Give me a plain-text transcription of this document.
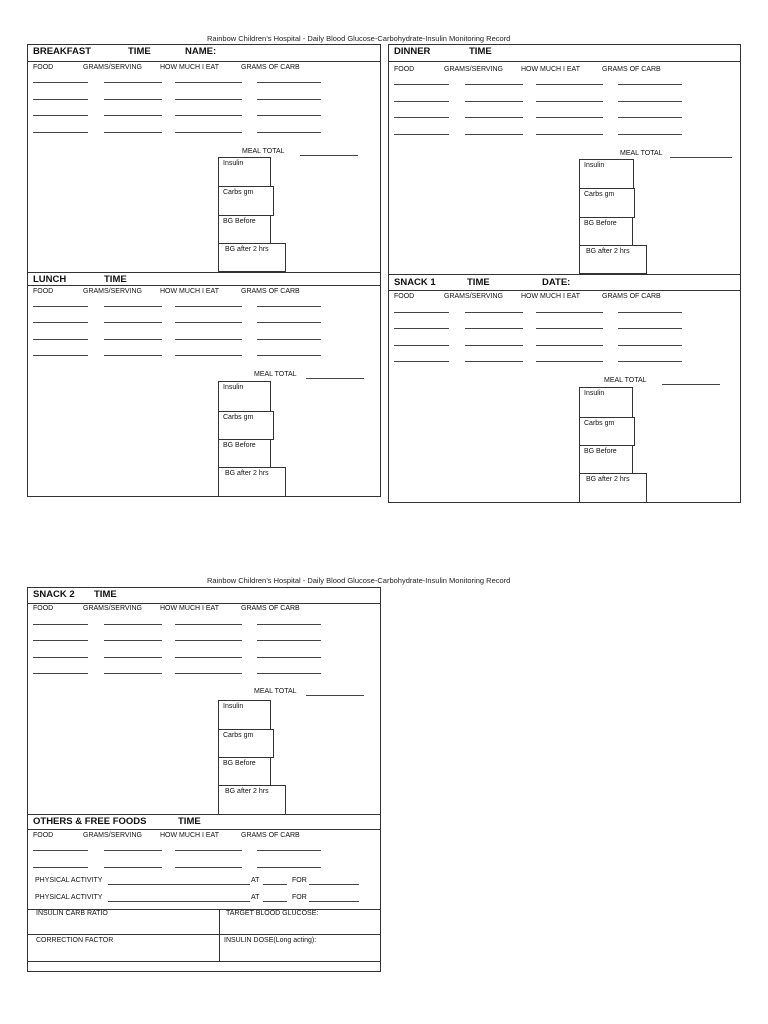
Rainbow Children’s Hospital - Daily Blood Glucose-Carbohydrate-Insulin Monitoring Record
BREAKFAST	TIME	NAME:
FOOD	GRAMS/SERVING	HOW MUCH I EAT	GRAMS OF CARB
MEAL TOTAL
Insulin
Carbs gm
BG Before
BG after 2 hrs
LUNCH	TIME
FOOD	GRAMS/SERVING	HOW MUCH I EAT	GRAMS OF CARB
MEAL TOTAL
Insulin
Carbs gm
BG Before
BG after 2 hrs
DINNER	TIME
FOOD	GRAMS/SERVING	HOW MUCH I EAT	GRAMS OF CARB
MEAL TOTAL
Insulin
Carbs gm
BG Before
BG after 2 hrs
SNACK 1	TIME	DATE:
FOOD	GRAMS/SERVING	HOW MUCH I EAT	GRAMS OF CARB
MEAL TOTAL
Insulin
Carbs gm
BG Before
BG after 2 hrs
Rainbow Children’s Hospital - Daily Blood Glucose-Carbohydrate-Insulin Monitoring Record
SNACK 2 TIME
FOOD	GRAMS/SERVING	HOW MUCH I EAT	GRAMS OF CARB
MEAL TOTAL
Insulin
Carbs gm
BG Before
BG after 2 hrs
OTHERS & FREE FOODS	TIME
FOOD	GRAMS/SERVING	HOW MUCH I EAT	GRAMS OF CARB
PHYSICAL ACTIVITY	AT	FOR
PHYSICAL ACTIVITY	AT	FOR
INSULIN CARB RATIO	TARGET BLOOD GLUCOSE:
CORRECTION FACTOR	INSULIN DOSE(Long acting):
